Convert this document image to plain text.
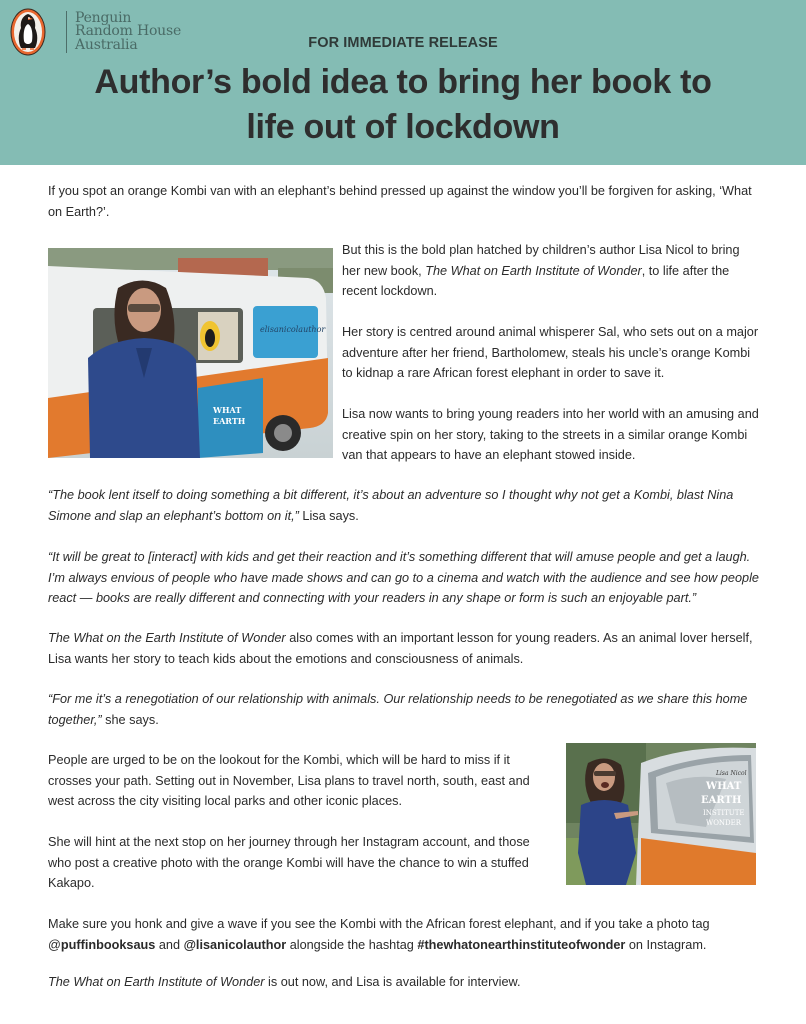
Penguin
Random House
Australia	FOR IMMEDIATE RELEASE
Author’s bold idea to bring her book to
life out of lockdown
elisanicolauthor
WHAT
EARTH
Lisa Nicol
WHAT
EARTH
INSTITUTE
WONDER

If you spot an orange Kombi van with an elephant’s behind pressed up against the window you’ll be forgiven for asking, ‘What on Earth?’.

But this is the bold plan hatched by children’s author Lisa Nicol to bring her new book, The What on Earth Institute of Wonder, to life after the recent lockdown.

Her story is centred around animal whisperer Sal, who sets out on a major adventure after her friend, Bartholomew, steals his uncle’s orange Kombi to kidnap a rare African forest elephant in order to save it.

Lisa now wants to bring young readers into her world with an amusing and creative spin on her story, taking to the streets in a similar orange Kombi van that appears to have an elephant stowed inside.

“The book lent itself to doing something a bit different, it’s about an adventure so I thought why not get a Kombi, blast Nina Simone and slap an elephant’s bottom on it,” Lisa says.

“It will be great to [interact] with kids and get their reaction and it’s something different that will amuse people and get a laugh. I’m always envious of people who have made shows and can go to a cinema and watch with the audience and see how people react — books are really different and connecting with your readers in any shape or form is such an enjoyable part.”

The What on the Earth Institute of Wonder also comes with an important lesson for young readers. As an animal lover herself, Lisa wants her story to teach kids about the emotions and consciousness of animals.

“For me it’s a renegotiation of our relationship with animals. Our relationship needs to be renegotiated as we share this home together,” she says.

People are urged to be on the lookout for the Kombi, which will be hard to miss if it crosses your path. Setting out in November, Lisa plans to travel north, south, east and west across the city visiting local parks and other iconic places.

She will hint at the next stop on her journey through her Instagram account, and those who post a creative photo with the orange Kombi will have the chance to win a stuffed Kakapo.

Make sure you honk and give a wave if you see the Kombi with the African forest elephant, and if you take a photo tag @puffinbooksaus and @lisanicolauthor alongside the hashtag #thewhatonearthinstituteofwonder on Instagram.

The What on Earth Institute of Wonder is out now, and Lisa is available for interview.
